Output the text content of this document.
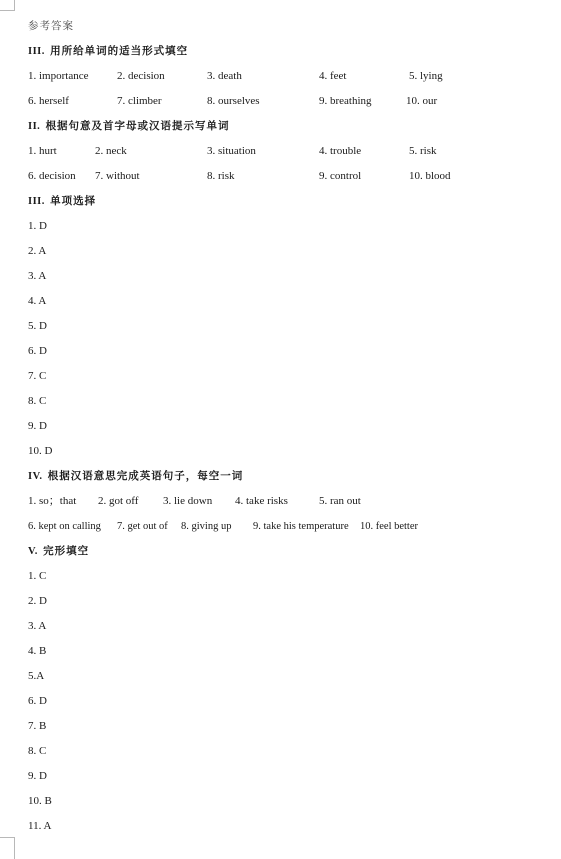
参考答案
III. 用所给单词的适当形式填空
1. importance	2. decision	3. death	4. feet	5. lying
6. herself	7. climber	8. ourselves	9. breathing	10. our
II. 根据句意及首字母或汉语提示写单词
1. hurt	2. neck	3. situation	4. trouble	5. risk
6. decision 7. without	8. risk	9. control	10. blood
III. 单项选择
1. D
2. A
3. A
4. A
5. D
6. D
7. C
8. C
9. D
10. D
IV. 根据汉语意思完成英语句子，每空一词
1. so；that 2. got off 3. lie down 4. take risks	5. ran out
6. kept on calling 7. get out of 8. giving up 9. take his temperature 10. feel better
V. 完形填空
1. C
2. D
3. A
4. B
5.A
6. D
7. B
8. C
9. D
10. B
11. A
